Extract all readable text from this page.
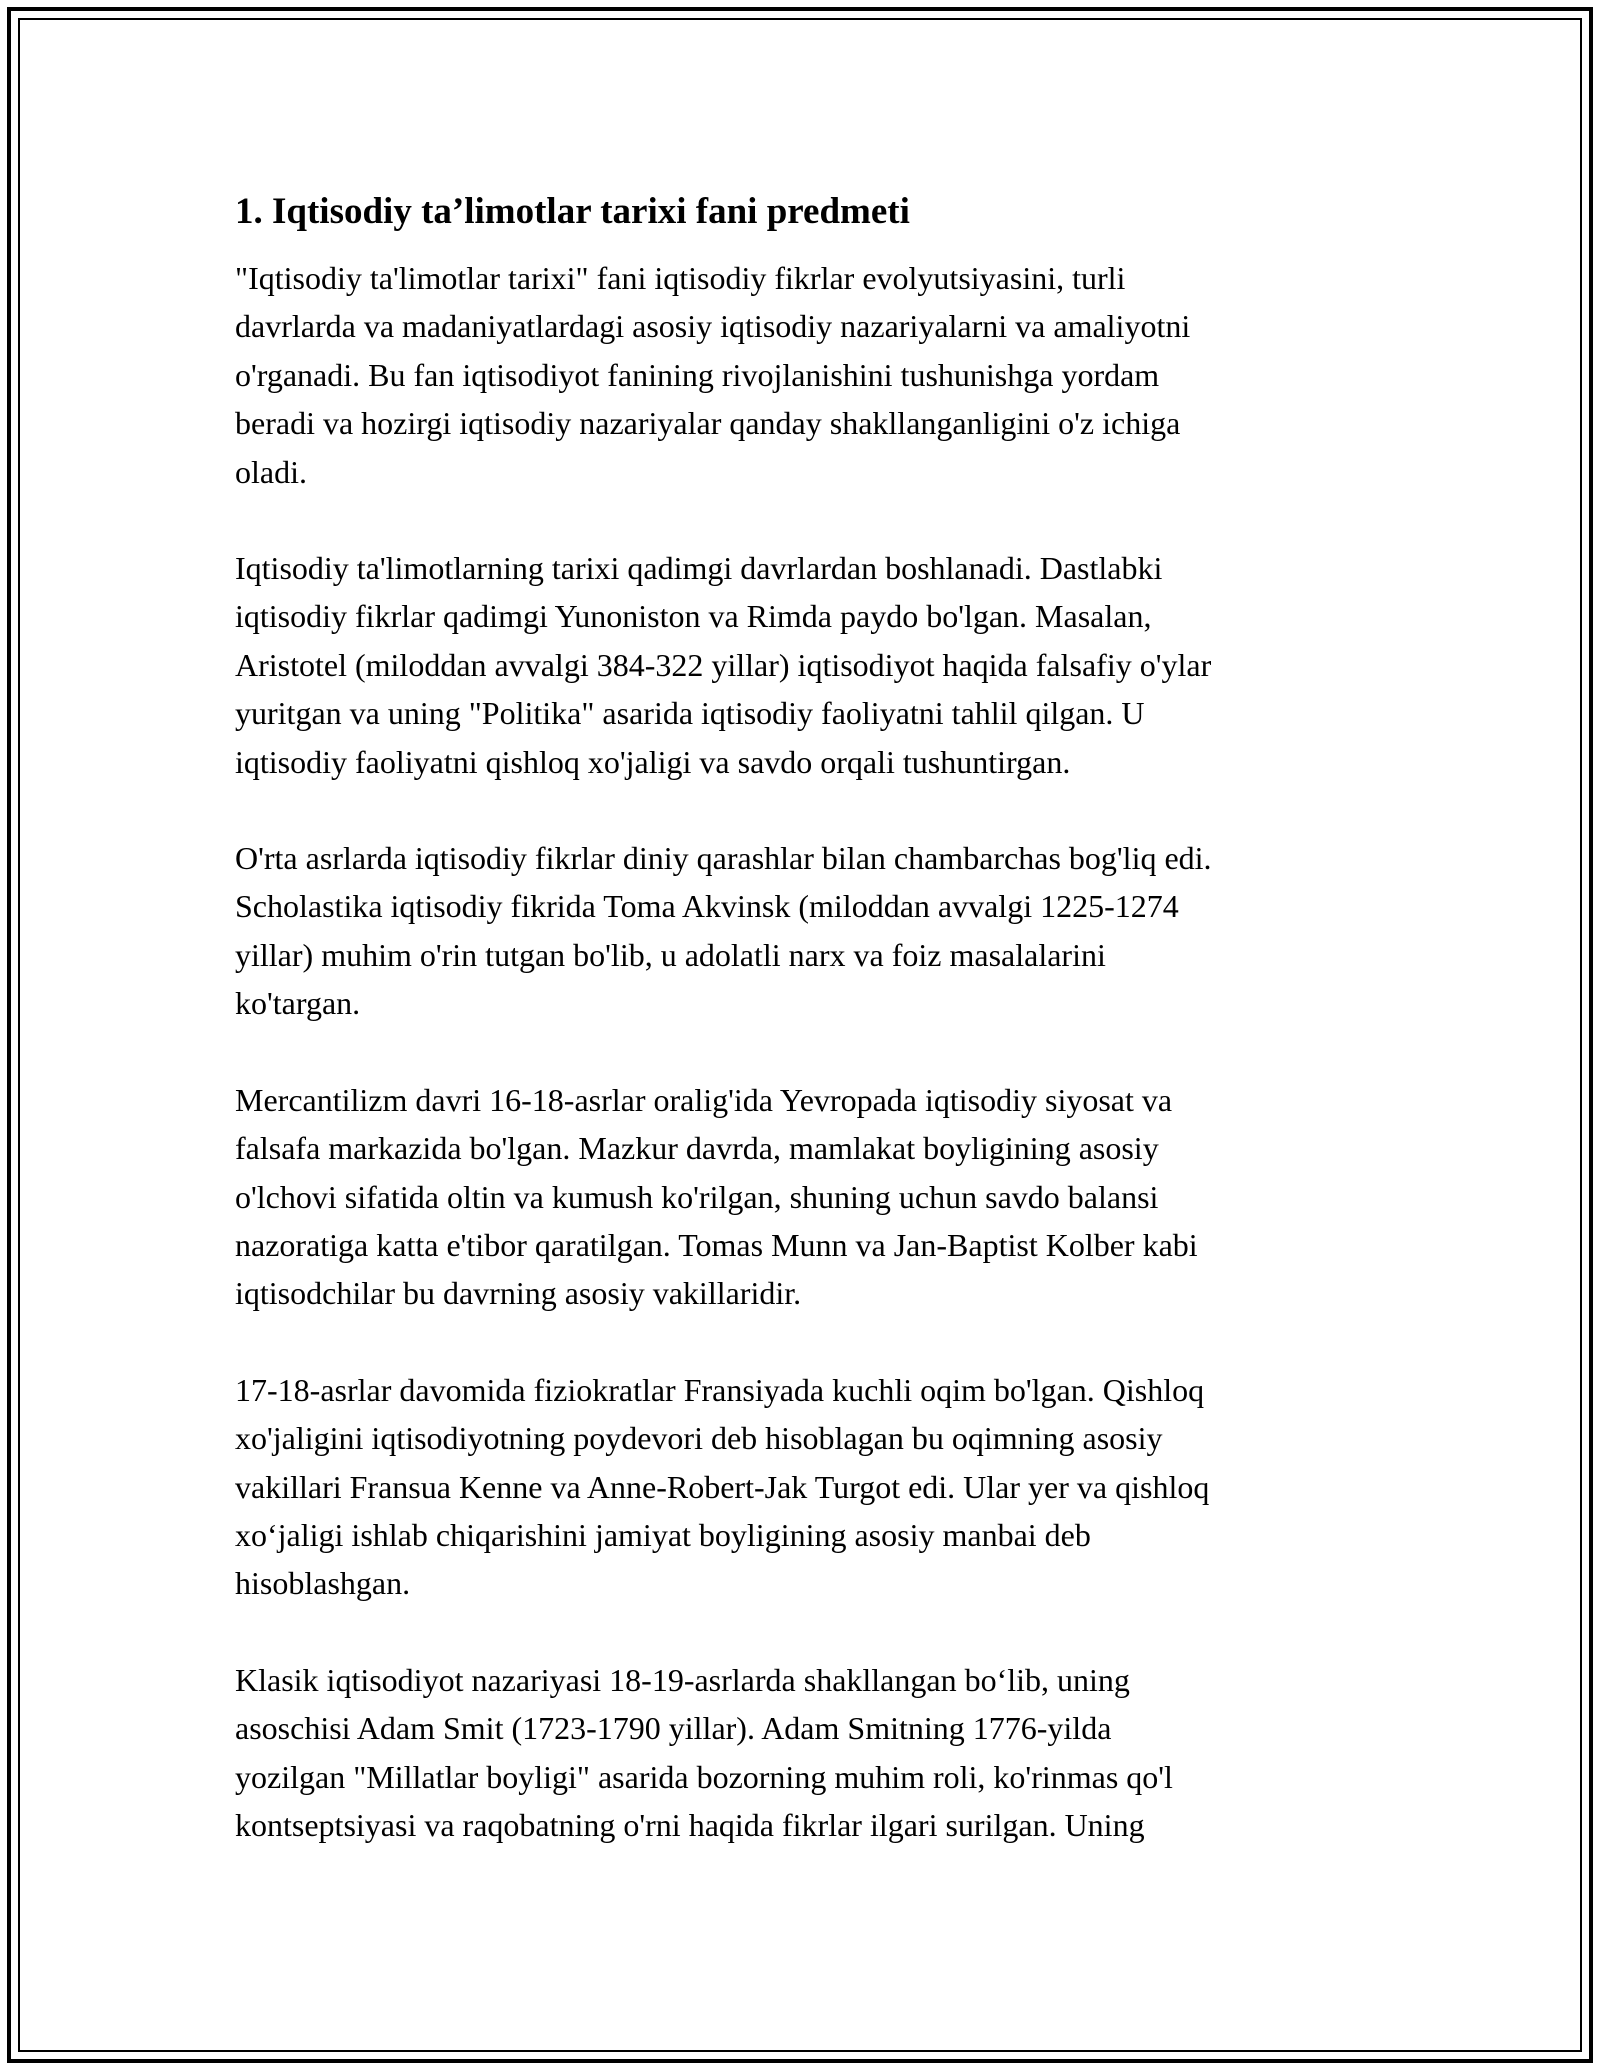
1. Iqtisodiy ta’limotlar tarixi fani predmeti

"Iqtisodiy ta'limotlar tarixi" fani iqtisodiy fikrlar evolyutsiyasini, turli
davrlarda va madaniyatlardagi asosiy iqtisodiy nazariyalarni va amaliyotni
o'rganadi. Bu fan iqtisodiyot fanining rivojlanishini tushunishga yordam
beradi va hozirgi iqtisodiy nazariyalar qanday shakllanganligini o'z ichiga
oladi.

Iqtisodiy ta'limotlarning tarixi qadimgi davrlardan boshlanadi. Dastlabki
iqtisodiy fikrlar qadimgi Yunoniston va Rimda paydo bo'lgan. Masalan,
Aristotel (miloddan avvalgi 384-322 yillar) iqtisodiyot haqida falsafiy o'ylar
yuritgan va uning "Politika" asarida iqtisodiy faoliyatni tahlil qilgan. U
iqtisodiy faoliyatni qishloq xo'jaligi va savdo orqali tushuntirgan.

O'rta asrlarda iqtisodiy fikrlar diniy qarashlar bilan chambarchas bog'liq edi.
Scholastika iqtisodiy fikrida Toma Akvinsk (miloddan avvalgi 1225-1274
yillar) muhim o'rin tutgan bo'lib, u adolatli narx va foiz masalalarini
ko'targan.

Mercantilizm davri 16-18-asrlar oralig'ida Yevropada iqtisodiy siyosat va
falsafa markazida bo'lgan. Mazkur davrda, mamlakat boyligining asosiy
o'lchovi sifatida oltin va kumush ko'rilgan, shuning uchun savdo balansi
nazoratiga katta e'tibor qaratilgan. Tomas Munn va Jan-Baptist Kolber kabi
iqtisodchilar bu davrning asosiy vakillaridir.

17-18-asrlar davomida fiziokratlar Fransiyada kuchli oqim bo'lgan. Qishloq
xo'jaligini iqtisodiyotning poydevori deb hisoblagan bu oqimning asosiy
vakillari Fransua Kenne va Anne-Robert-Jak Turgot edi. Ular yer va qishloq
xo‘jaligi ishlab chiqarishini jamiyat boyligining asosiy manbai deb
hisoblashgan.

Klasik iqtisodiyot nazariyasi 18-19-asrlarda shakllangan bo‘lib, uning
asoschisi Adam Smit (1723-1790 yillar). Adam Smitning 1776-yilda
yozilgan "Millatlar boyligi" asarida bozorning muhim roli, ko'rinmas qo'l
kontseptsiyasi va raqobatning o'rni haqida fikrlar ilgari surilgan. Uning
